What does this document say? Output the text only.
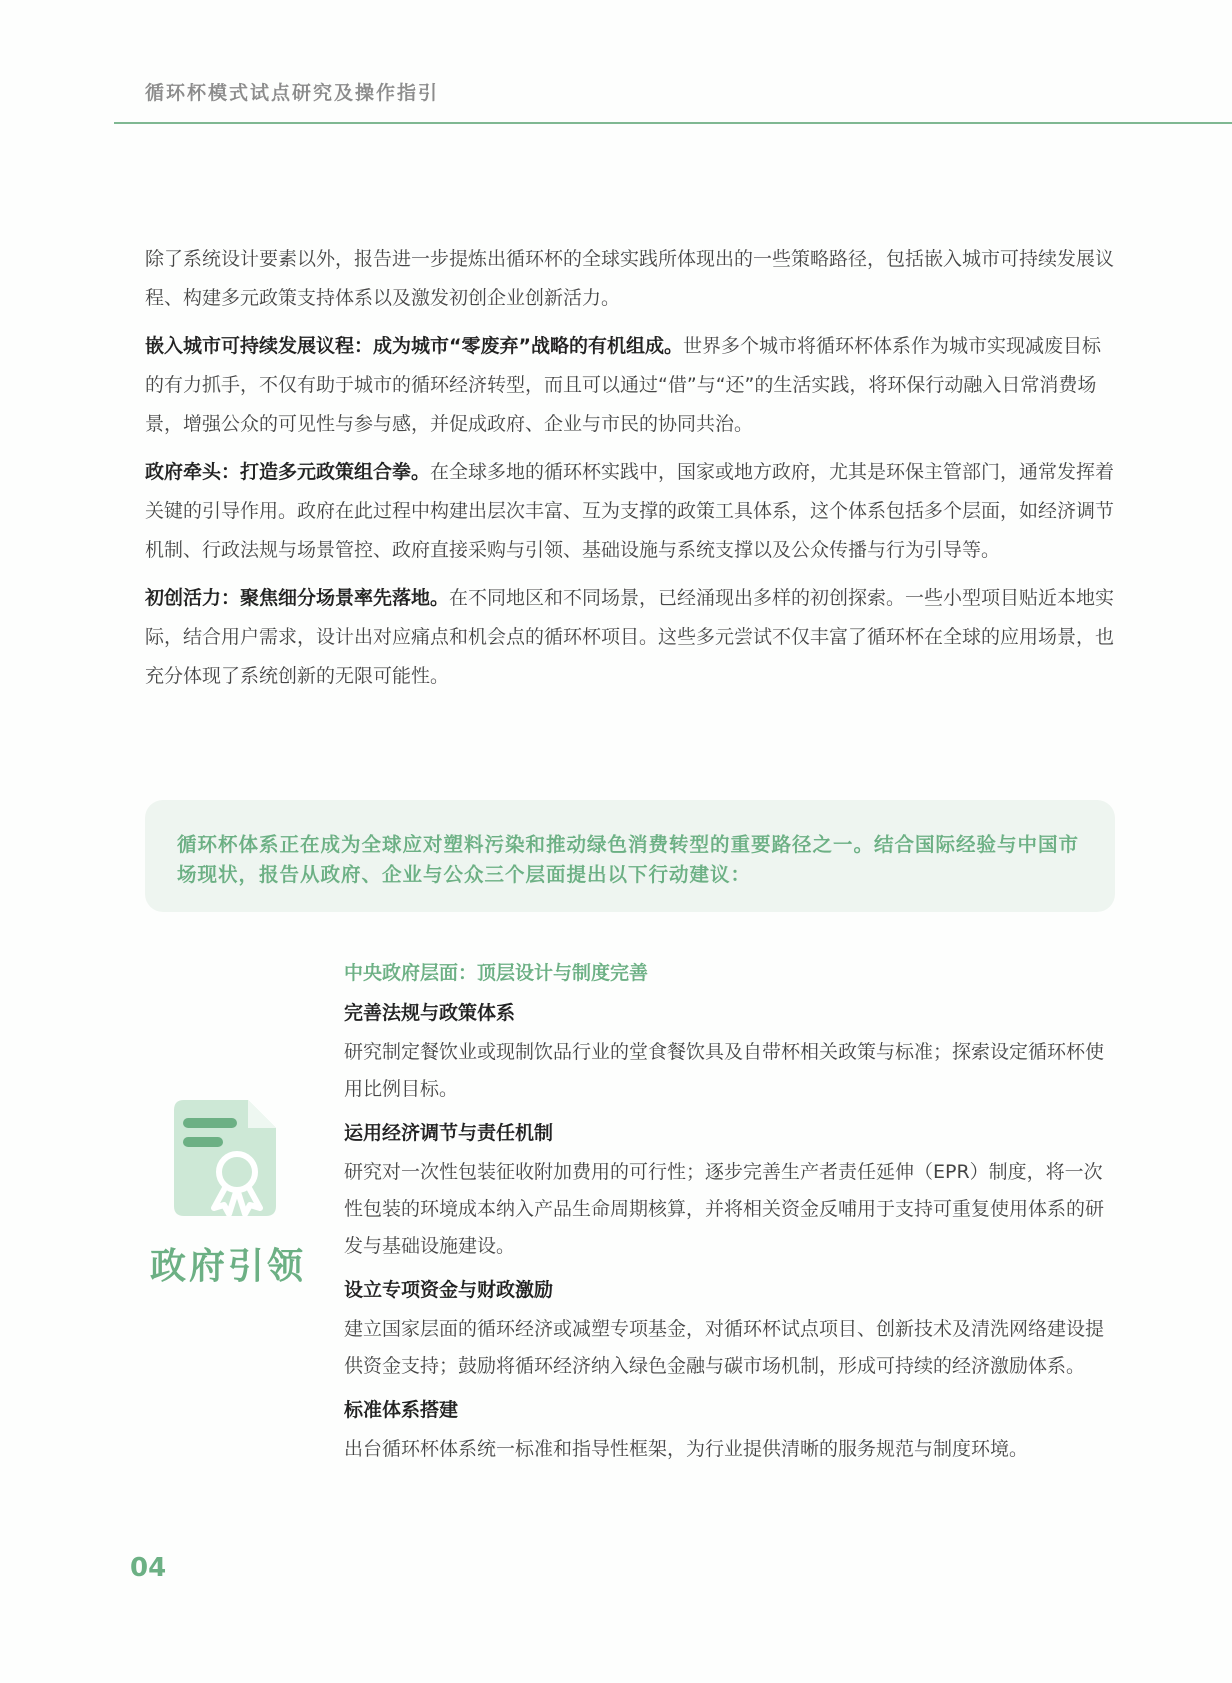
循环杯模式试点研究及操作指引

除了系统设计要素以外，报告进一步提炼出循环杯的全球实践所体现出的一些策略路径，包括嵌入城市可持续发展议程、构建多元政策支持体系以及激发初创企业创新活力。

嵌入城市可持续发展议程：成为城市“零废弃”战略的有机组成。世界多个城市将循环杯体系作为城市实现减废目标的有力抓手，不仅有助于城市的循环经济转型，而且可以通过“借”与“还”的生活实践，将环保行动融入日常消费场景，增强公众的可见性与参与感，并促成政府、企业与市民的协同共治。

政府牵头：打造多元政策组合拳。在全球多地的循环杯实践中，国家或地方政府，尤其是环保主管部门，通常发挥着关键的引导作用。政府在此过程中构建出层次丰富、互为支撑的政策工具体系，这个体系包括多个层面，如经济调节机制、行政法规与场景管控、政府直接采购与引领、基础设施与系统支撑以及公众传播与行为引导等。

初创活力：聚焦细分场景率先落地。在不同地区和不同场景，已经涌现出多样的初创探索。一些小型项目贴近本地实际，结合用户需求，设计出对应痛点和机会点的循环杯项目。这些多元尝试不仅丰富了循环杯在全球的应用场景，也充分体现了系统创新的无限可能性。

循环杯体系正在成为全球应对塑料污染和推动绿色消费转型的重要路径之一。结合国际经验与中国市场现状，报告从政府、企业与公众三个层面提出以下行动建议：
政府引领
中央政府层面：顶层设计与制度完善

完善法规与政策体系

研究制定餐饮业或现制饮品行业的堂食餐饮具及自带杯相关政策与标准；探索设定循环杯使用比例目标。

运用经济调节与责任机制

研究对一次性包装征收附加费用的可行性；逐步完善生产者责任延伸（EPR）制度，将一次性包装的环境成本纳入产品生命周期核算，并将相关资金反哺用于支持可重复使用体系的研发与基础设施建设。

设立专项资金与财政激励

建立国家层面的循环经济或减塑专项基金，对循环杯试点项目、创新技术及清洗网络建设提供资金支持；鼓励将循环经济纳入绿色金融与碳市场机制，形成可持续的经济激励体系。

标准体系搭建

出台循环杯体系统一标准和指导性框架，为行业提供清晰的服务规范与制度环境。

04
